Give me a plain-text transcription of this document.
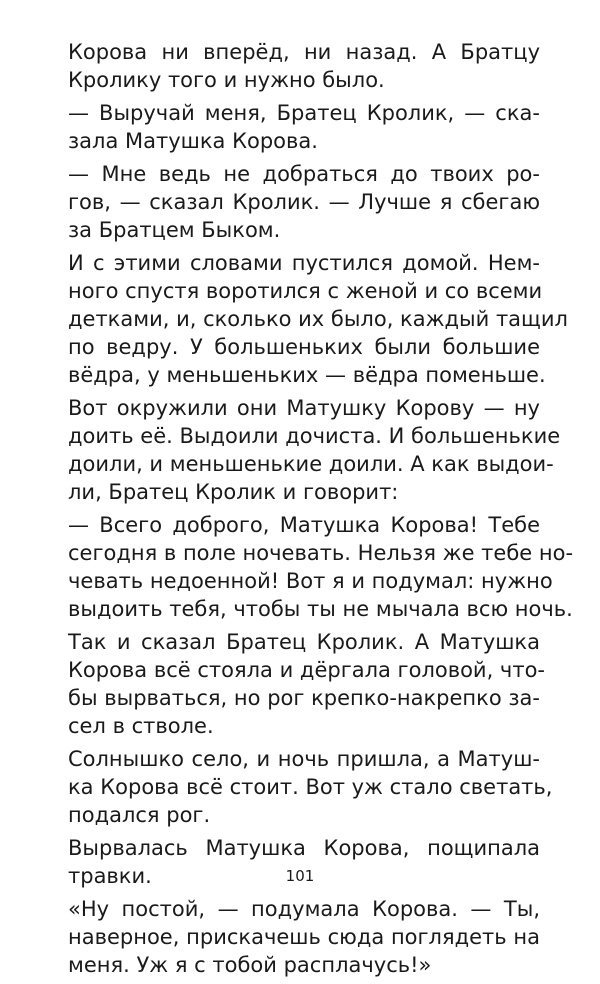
Корова ни вперёд, ни назад. А Братцу
Кролику того и нужно было.

— Выручай меня, Братец Кролик, — ска-
зала Матушка Корова.

— Мне ведь не добраться до твоих ро-
гов, — сказал Кролик. — Лучше я сбегаю
за Братцем Быком.

И с этими словами пустился домой. Нем-
ного спустя воротился с женой и со всеми
детками, и, сколько их было, каждый тащил
по ведру. У большеньких были большие
вёдра, у меньшеньких — вёдра поменьше.

Вот окружили они Матушку Корову — ну
доить её. Выдоили дочиста. И большенькие
доили, и меньшенькие доили. А как выдои-
ли, Братец Кролик и говорит:

— Всего доброго, Матушка Корова! Тебе
сегодня в поле ночевать. Нельзя же тебе но-
чевать недоенной! Вот я и подумал: нужно
выдоить тебя, чтобы ты не мычала всю ночь.

Так и сказал Братец Кролик. А Матушка
Корова всё стояла и дёргала головой, что-
бы вырваться, но рог крепко-накрепко за-
сел в стволе.

Солнышко село, и ночь пришла, а Матуш-
ка Корова всё стоит. Вот уж стало светать,
подался рог.

Вырвалась Матушка Корова, пощипала
травки.

«Ну постой, — подумала Корова. — Ты,
наверное, прискачешь сюда поглядеть на
меня. Уж я с тобой расплачусь!»

101
